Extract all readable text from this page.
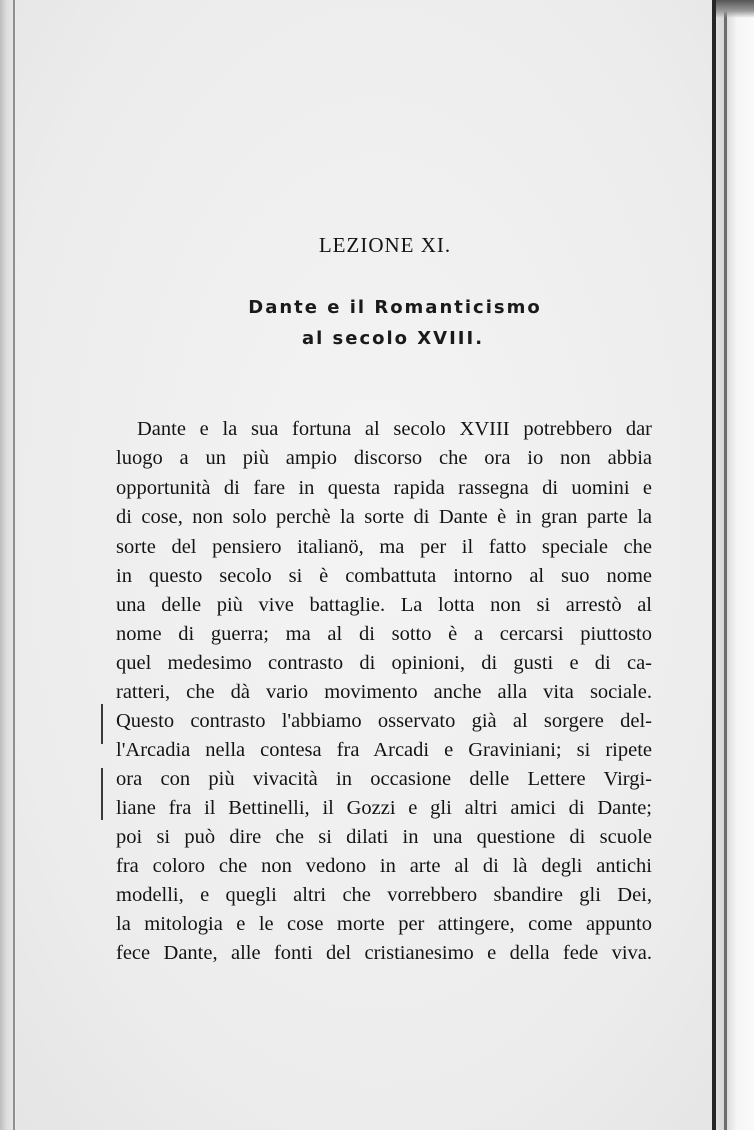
LEZIONE XI.
Dante e il Romanticismo
al secolo XVIII.
Dante e la sua fortuna al secolo XVIII potrebbero dar
luogo a un più ampio discorso che ora io non abbia
opportunità di fare in questa rapida rassegna di uomini e
di cose, non solo perchè la sorte di Dante è in gran parte la
sorte del pensiero italianö, ma per il fatto speciale che
in questo secolo si è combattuta intorno al suo nome
una delle più vive battaglie. La lotta non si arrestò al
nome di guerra; ma al di sotto è a cercarsi piuttosto
quel medesimo contrasto di opinioni, di gusti e di ca-
ratteri, che dà vario movimento anche alla vita sociale.
Questo contrasto l'abbiamo osservato già al sorgere del-
l'Arcadia nella contesa fra Arcadi e Graviniani; si ripete
ora con più vivacità in occasione delle Lettere Virgi-
liane fra il Bettinelli, il Gozzi e gli altri amici di Dante;
poi si può dire che si dilati in una questione di scuole
fra coloro che non vedono in arte al di là degli antichi
modelli, e quegli altri che vorrebbero sbandire gli Dei,
la mitologia e le cose morte per attingere, come appunto
fece Dante, alle fonti del cristianesimo e della fede viva.
